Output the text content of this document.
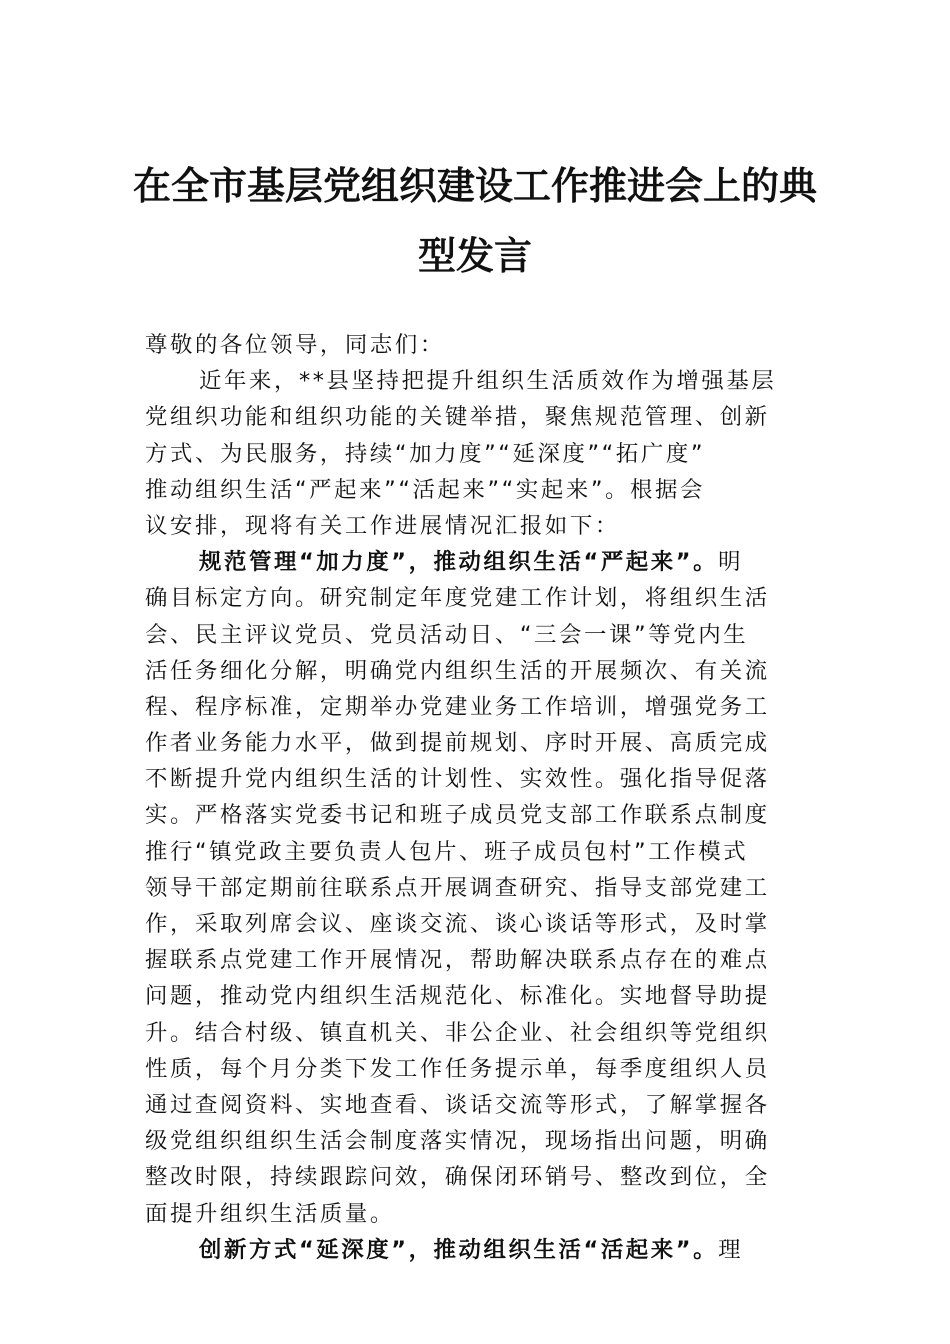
在全市基层党组织建设工作推进会上的典
型发言
尊敬的各位领导，同志们：
近年来，**县坚持把提升组织生活质效作为增强基层
党组织功能和组织功能的关键举措，聚焦规范管理、创新
方式、为民服务，持续“加力度”“延深度”“拓广度”
推动组织生活“严起来”“活起来”“实起来”。根据会
议安排，现将有关工作进展情况汇报如下：
规范管理“加力度”，推动组织生活“严起来”。明
确目标定方向。研究制定年度党建工作计划，将组织生活
会、民主评议党员、党员活动日、“三会一课”等党内生
活任务细化分解，明确党内组织生活的开展频次、有关流
程、程序标准，定期举办党建业务工作培训，增强党务工
作者业务能力水平，做到提前规划、序时开展、高质完成
不断提升党内组织生活的计划性、实效性。强化指导促落
实。严格落实党委书记和班子成员党支部工作联系点制度
推行“镇党政主要负责人包片、班子成员包村”工作模式
领导干部定期前往联系点开展调查研究、指导支部党建工
作，采取列席会议、座谈交流、谈心谈话等形式，及时掌
握联系点党建工作开展情况，帮助解决联系点存在的难点
问题，推动党内组织生活规范化、标准化。实地督导助提
升。结合村级、镇直机关、非公企业、社会组织等党组织
性质，每个月分类下发工作任务提示单，每季度组织人员
通过查阅资料、实地查看、谈话交流等形式，了解掌握各
级党组织组织生活会制度落实情况，现场指出问题，明确
整改时限，持续跟踪问效，确保闭环销号、整改到位，全
面提升组织生活质量。
创新方式“延深度”，推动组织生活“活起来”。理
